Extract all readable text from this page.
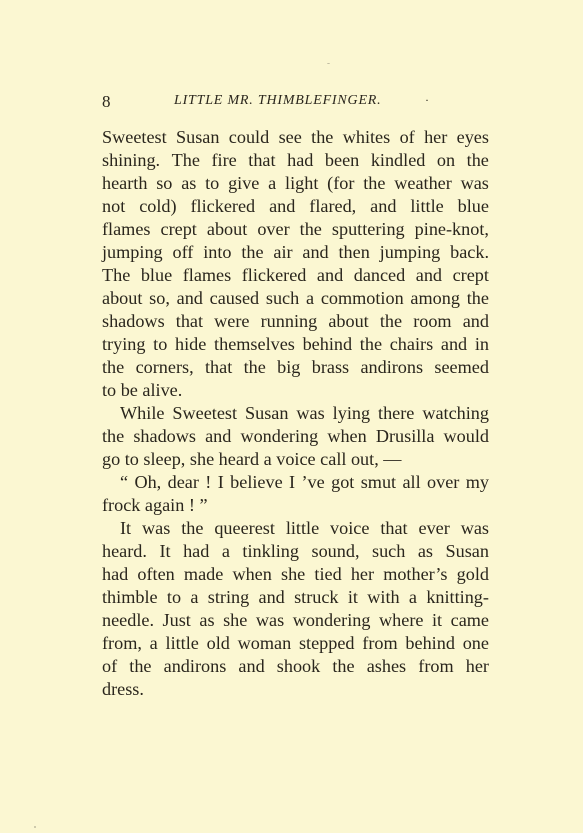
8	LITTLE MR. THIMBLEFINGER.	·
Sweetest Susan could see the whites of her eyes
shining. The fire that had been kindled on the
hearth so as to give a light (for the weather was
not cold) flickered and flared, and little blue
flames crept about over the sputtering pine-knot,
jumping off into the air and then jumping back.
The blue flames flickered and danced and crept
about so, and caused such a commotion among the
shadows that were running about the room and
trying to hide themselves behind the chairs and in
the corners, that the big brass andirons seemed
to be alive.
While Sweetest Susan was lying there watching
the shadows and wondering when Drusilla would
go to sleep, she heard a voice call out, —
“ Oh, dear ! I believe I ’ve got smut all over my
frock again ! ”
It was the queerest little voice that ever was
heard. It had a tinkling sound, such as Susan
had often made when she tied her mother’s gold
thimble to a string and struck it with a knitting-
needle. Just as she was wondering where it came
from, a little old woman stepped from behind one
of the andirons and shook the ashes from her
dress.
